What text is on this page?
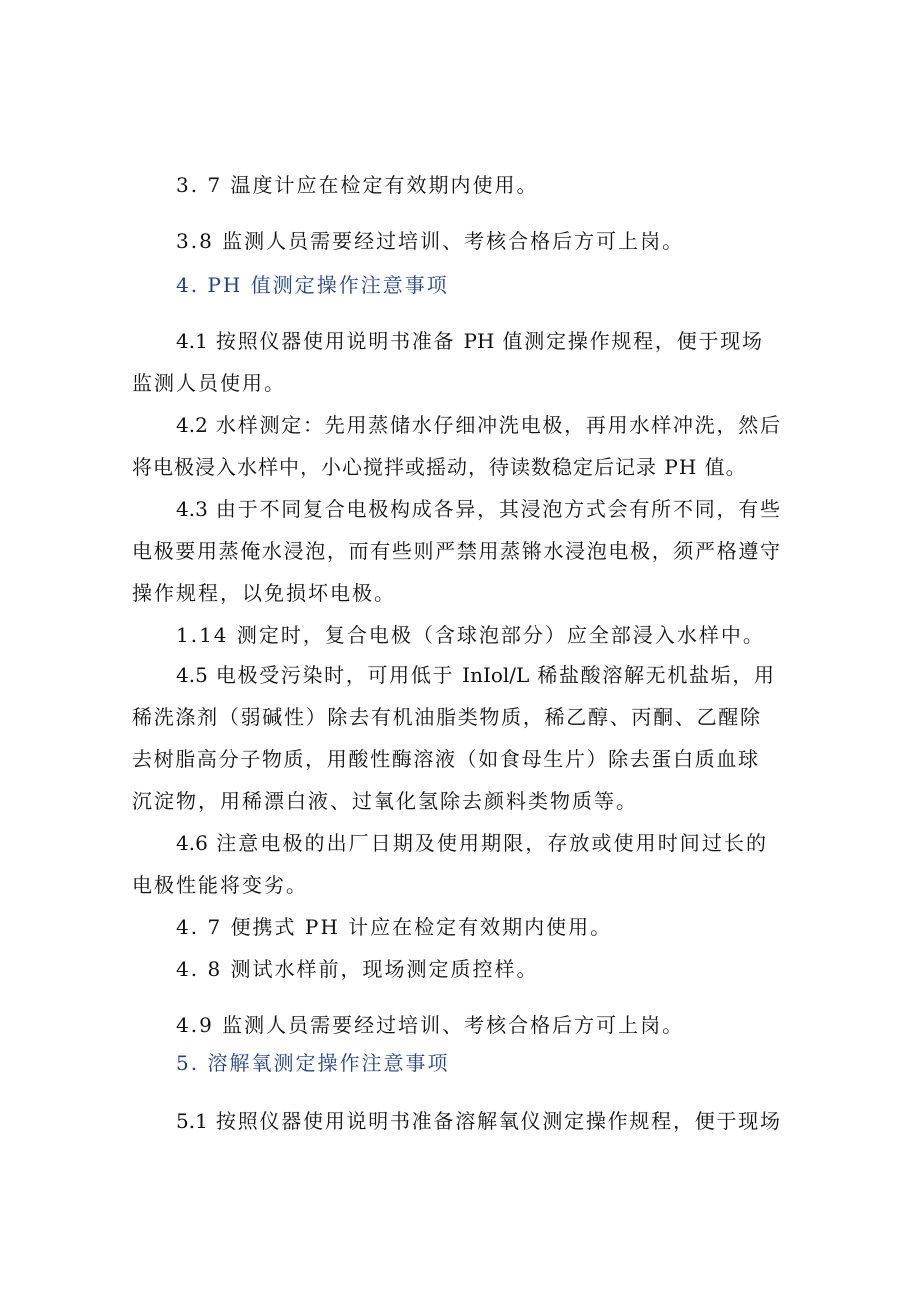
3. 7 温度计应在检定有效期内使用。
3.8 监测人员需要经过培训、考核合格后方可上岗。
4. PH 值测定操作注意事项
4.1 按照仪器使用说明书准备 PH 值测定操作规程，便于现场
监测人员使用。
4.2 水样测定：先用蒸储水仔细冲洗电极，再用水样冲洗，然后
将电极浸入水样中，小心搅拌或摇动，待读数稳定后记录 PH 值。
4.3 由于不同复合电极构成各异，其浸泡方式会有所不同，有些
电极要用蒸俺水浸泡，而有些则严禁用蒸锵水浸泡电极，须严格遵守
操作规程，以免损坏电极。
1.14 测定时，复合电极（含球泡部分）应全部浸入水样中。
4.5 电极受污染时，可用低于 InIol/L 稀盐酸溶解无机盐垢，用
稀洗涤剂（弱碱性）除去有机油脂类物质，稀乙醇、丙酮、乙醒除
去树脂高分子物质，用酸性酶溶液（如食母生片）除去蛋白质血球
沉淀物，用稀漂白液、过氧化氢除去颜料类物质等。
4.6 注意电极的出厂日期及使用期限，存放或使用时间过长的
电极性能将变劣。
4. 7 便携式 PH 计应在检定有效期内使用。
4. 8 测试水样前，现场测定质控样。
4.9 监测人员需要经过培训、考核合格后方可上岗。
5. 溶解氧测定操作注意事项
5.1 按照仪器使用说明书准备溶解氧仪测定操作规程，便于现场
